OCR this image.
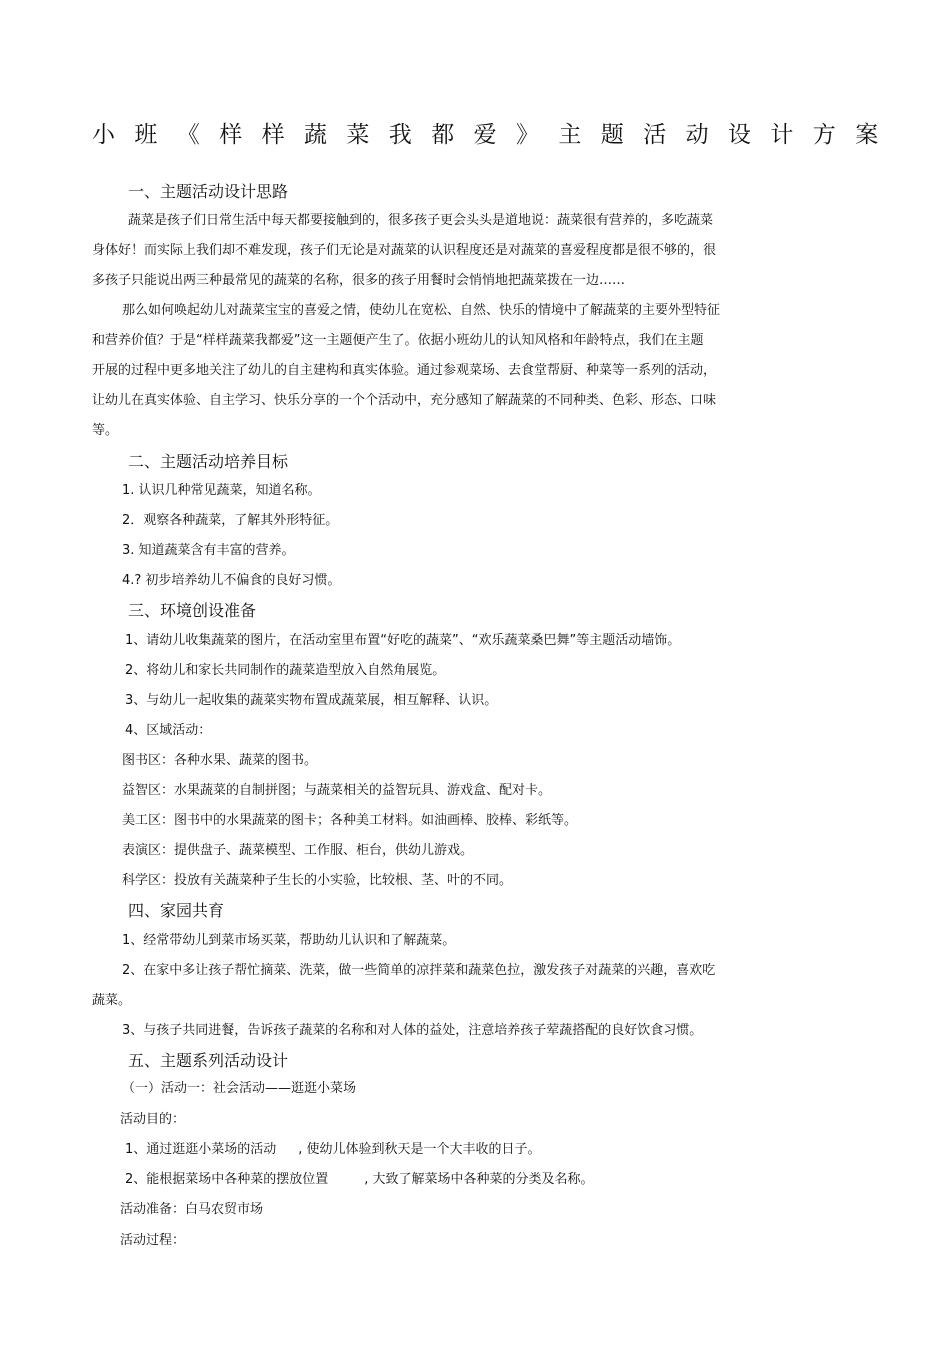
小班《样样蔬菜我都爱》主题活动设计方案
一、主题活动设计思路
蔬菜是孩子们日常生活中每天都要接触到的，很多孩子更会头头是道地说：蔬菜很有营养的，多吃蔬菜
身体好！而实际上我们却不难发现，孩子们无论是对蔬菜的认识程度还是对蔬菜的喜爱程度都是很不够的，很
多孩子只能说出两三种最常见的蔬菜的名称，很多的孩子用餐时会悄悄地把蔬菜拨在一边……
那么如何唤起幼儿对蔬菜宝宝的喜爱之情，使幼儿在宽松、自然、快乐的情境中了解蔬菜的主要外型特征
和营养价值？于是“样样蔬菜我都爱”这一主题便产生了。依据小班幼儿的认知风格和年龄特点，我们在主题
开展的过程中更多地关注了幼儿的自主建构和真实体验。通过参观菜场、去食堂帮厨、种菜等一系列的活动，
让幼儿在真实体验、自主学习、快乐分享的一个个活动中，充分感知了解蔬菜的不同种类、色彩、形态、口味
等。
二、主题活动培养目标
1. 认识几种常见蔬菜，知道名称。
2．观察各种蔬菜，了解其外形特征。
3. 知道蔬菜含有丰富的营养。
4.? 初步培养幼儿不偏食的良好习惯。
三、环境创设准备
1、请幼儿收集蔬菜的图片，在活动室里布置“好吃的蔬菜”、“欢乐蔬菜桑巴舞”等主题活动墙饰。
2、将幼儿和家长共同制作的蔬菜造型放入自然角展览。
3、与幼儿一起收集的蔬菜实物布置成蔬菜展，相互解释、认识。
4、区域活动：
图书区：各种水果、蔬菜的图书。
益智区：水果蔬菜的自制拼图；与蔬菜相关的益智玩具、游戏盒、配对卡。
美工区：图书中的水果蔬菜的图卡；各种美工材料。如油画棒、胶棒、彩纸等。
表演区：提供盘子、蔬菜模型、工作服、柜台，供幼儿游戏。
科学区：投放有关蔬菜种子生长的小实验，比较根、茎、叶的不同。
四、家园共育
1、经常带幼儿到菜市场买菜，帮助幼儿认识和了解蔬菜。
2、在家中多让孩子帮忙摘菜、洗菜，做一些简单的凉拌菜和蔬菜色拉，激发孩子对蔬菜的兴趣，喜欢吃
蔬菜。
3、与孩子共同进餐，告诉孩子蔬菜的名称和对人体的益处，注意培养孩子荤蔬搭配的良好饮食习惯。
五、主题系列活动设计
（一）活动一：社会活动——逛逛小菜场
活动目的：
1、通过逛逛小菜场的活动 , 使幼儿体验到秋天是一个大丰收的日子。
2、能根据菜场中各种菜的摆放位置	, 大致了解菜场中各种菜的分类及名称。
活动准备：白马农贸市场
活动过程：
